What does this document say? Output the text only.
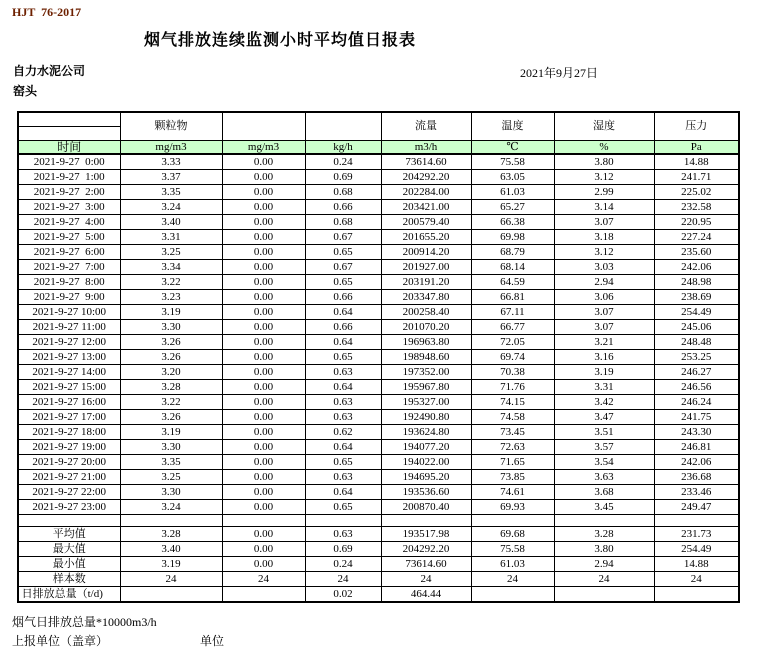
HJT  76-2017
烟气排放连续监测小时平均值日报表
自力水泥公司
窑头
2021年9月27日
	颗粒物			流量	温度	湿度	压力

时间	mg/m3	mg/m3	kg/h	m3/h	℃	%	Pa
2021-9-27  0:00	3.33	0.00	0.24	73614.60	75.58	3.80	14.88
2021-9-27  1:00	3.37	0.00	0.69	204292.20	63.05	3.12	241.71
2021-9-27  2:00	3.35	0.00	0.68	202284.00	61.03	2.99	225.02
2021-9-27  3:00	3.24	0.00	0.66	203421.00	65.27	3.14	232.58
2021-9-27  4:00	3.40	0.00	0.68	200579.40	66.38	3.07	220.95
2021-9-27  5:00	3.31	0.00	0.67	201655.20	69.98	3.18	227.24
2021-9-27  6:00	3.25	0.00	0.65	200914.20	68.79	3.12	235.60
2021-9-27  7:00	3.34	0.00	0.67	201927.00	68.14	3.03	242.06
2021-9-27  8:00	3.22	0.00	0.65	203191.20	64.59	2.94	248.98
2021-9-27  9:00	3.23	0.00	0.66	203347.80	66.81	3.06	238.69
2021-9-27 10:00	3.19	0.00	0.64	200258.40	67.11	3.07	254.49
2021-9-27 11:00	3.30	0.00	0.66	201070.20	66.77	3.07	245.06
2021-9-27 12:00	3.26	0.00	0.64	196963.80	72.05	3.21	248.48
2021-9-27 13:00	3.26	0.00	0.65	198948.60	69.74	3.16	253.25
2021-9-27 14:00	3.20	0.00	0.63	197352.00	70.38	3.19	246.27
2021-9-27 15:00	3.28	0.00	0.64	195967.80	71.76	3.31	246.56
2021-9-27 16:00	3.22	0.00	0.63	195327.00	74.15	3.42	246.24
2021-9-27 17:00	3.26	0.00	0.63	192490.80	74.58	3.47	241.75
2021-9-27 18:00	3.19	0.00	0.62	193624.80	73.45	3.51	243.30
2021-9-27 19:00	3.30	0.00	0.64	194077.20	72.63	3.57	246.81
2021-9-27 20:00	3.35	0.00	0.65	194022.00	71.65	3.54	242.06
2021-9-27 21:00	3.25	0.00	0.63	194695.20	73.85	3.63	236.68
2021-9-27 22:00	3.30	0.00	0.64	193536.60	74.61	3.68	233.46
2021-9-27 23:00	3.24	0.00	0.65	200870.40	69.93	3.45	249.47

平均值	3.28	0.00	0.63	193517.98	69.68	3.28	231.73
最大值	3.40	0.00	0.69	204292.20	75.58	3.80	254.49
最小值	3.19	0.00	0.24	73614.60	61.03	2.94	14.88
样本数	24	24	24	24	24	24	24
日排放总量（t/d)			0.02	464.44			
烟气日排放总量*10000m3/h
上报单位（盖章）	单位
